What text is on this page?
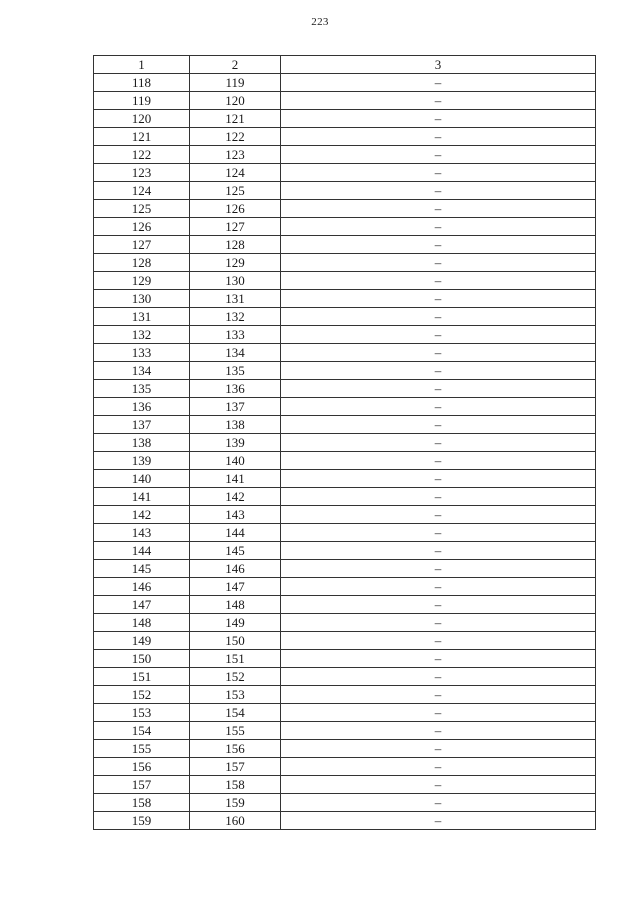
223
1	2	3
118	119	–
119	120	–
120	121	–
121	122	–
122	123	–
123	124	–
124	125	–
125	126	–
126	127	–
127	128	–
128	129	–
129	130	–
130	131	–
131	132	–
132	133	–
133	134	–
134	135	–
135	136	–
136	137	–
137	138	–
138	139	–
139	140	–
140	141	–
141	142	–
142	143	–
143	144	–
144	145	–
145	146	–
146	147	–
147	148	–
148	149	–
149	150	–
150	151	–
151	152	–
152	153	–
153	154	–
154	155	–
155	156	–
156	157	–
157	158	–
158	159	–
159	160	–
